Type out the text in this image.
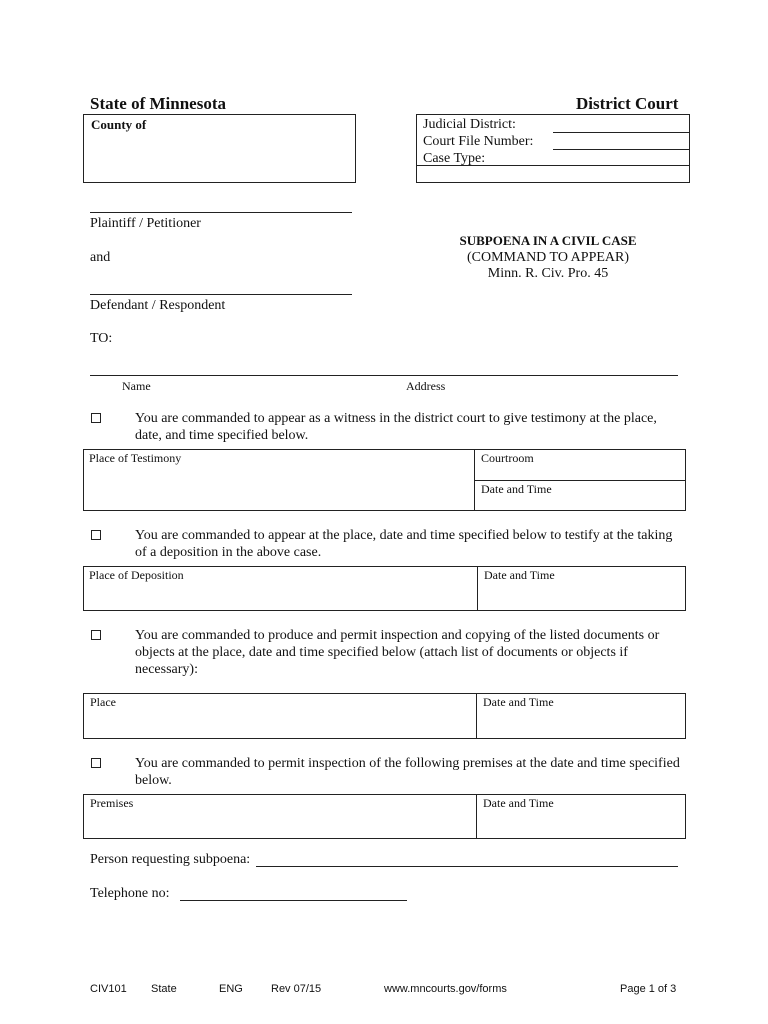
State of Minnesota	District Court
County of	Judicial District:
Court File Number:
Case Type:
Plaintiff / Petitioner
and
Defendant / Respondent
SUBPOENA IN A CIVIL CASE
(COMMAND TO APPEAR)
Minn. R. Civ. Pro. 45
TO:
Name	Address
You are commanded to appear as a witness in the district court to give testimony at the place,
date, and time specified below.
Place of Testimony	Courtroom
Date and Time
You are commanded to appear at the place, date and time specified below to testify at the taking
of a deposition in the above case.
Place of Deposition	Date and Time
You are commanded to produce and permit inspection and copying of the listed documents or
objects at the place, date and time specified below (attach list of documents or objects if
necessary):
Place	Date and Time
You are commanded to permit inspection of the following premises at the date and time specified
below.
Premises	Date and Time
Person requesting subpoena:
Telephone no:
CIV101 State	ENG	Rev 07/15	www.mncourts.gov/forms	Page 1 of 3
